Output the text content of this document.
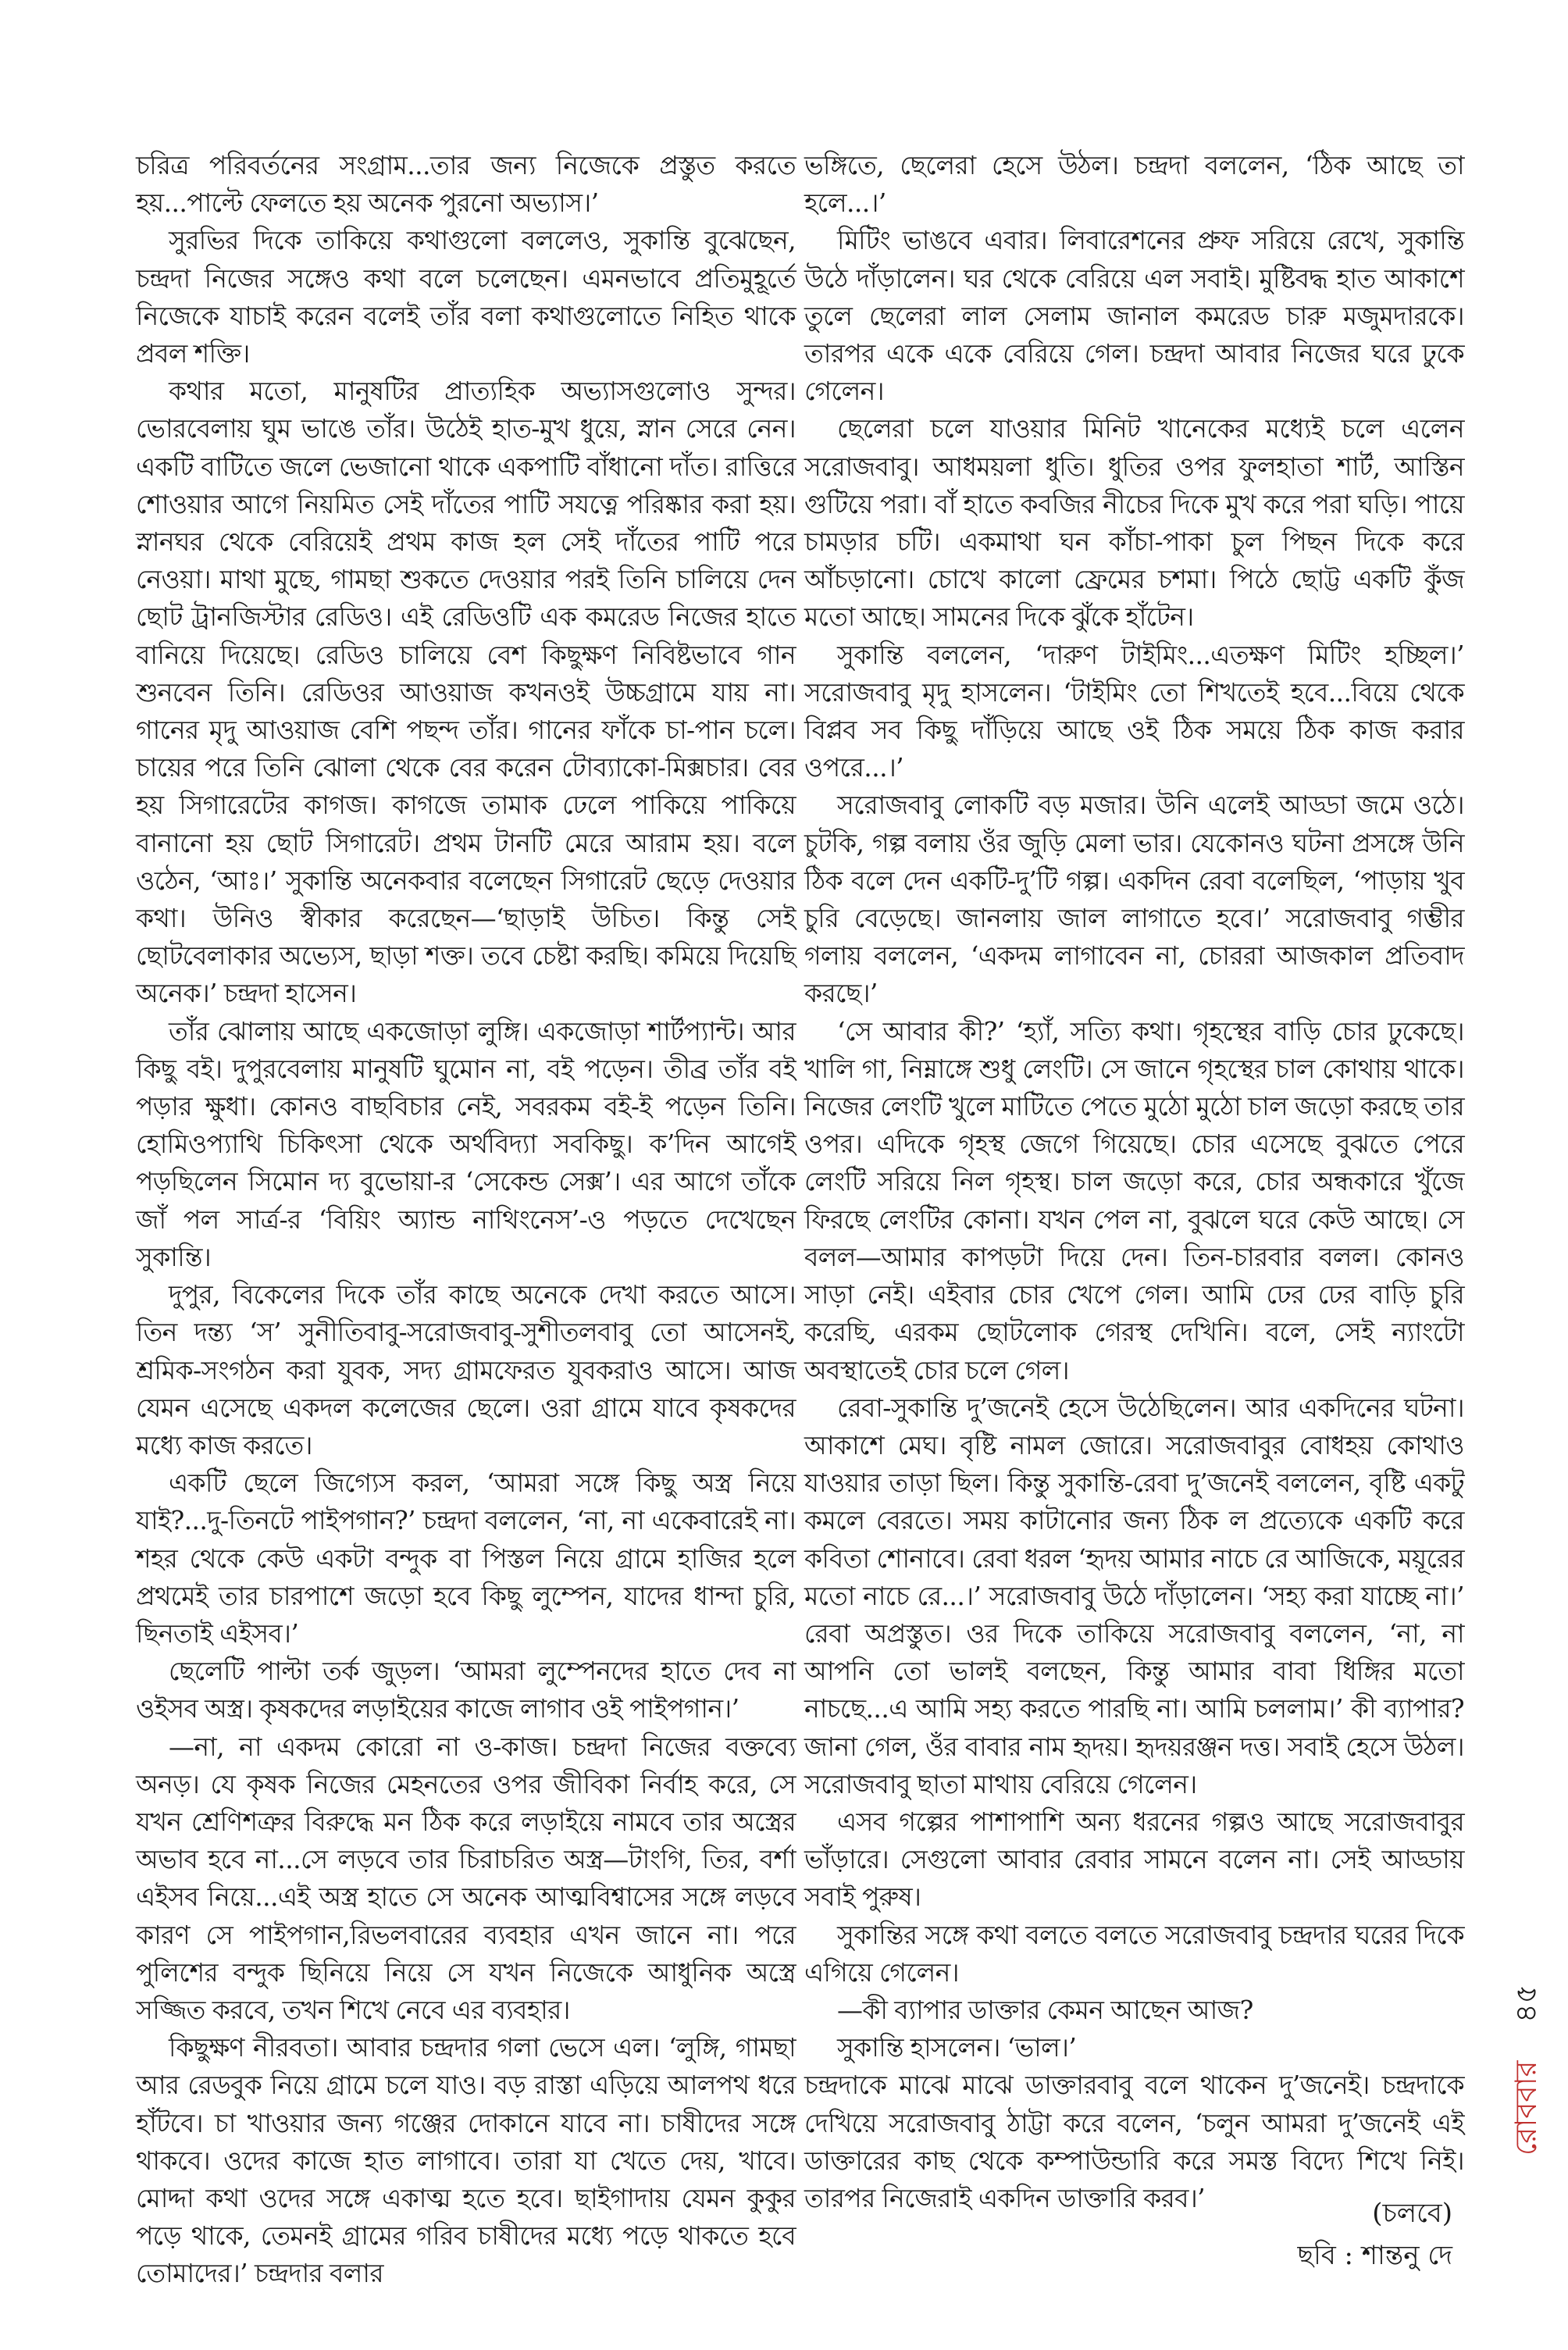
চরিত্র পরিবর্তনের সংগ্রাম...তার জন্য নিজেকে প্রস্তুত করতে হয়...পাল্টে ফেলতে হয় অনেক পুরনো অভ্যাস।’

সুরভির দিকে তাকিয়ে কথাগুলো বললেও, সুকান্তি বুঝেছেন, চন্দ্রদা নিজের সঙ্গেও কথা বলে চলেছেন। এমনভাবে প্রতিমুহূর্তে নিজেকে যাচাই করেন বলেই তাঁর বলা কথাগুলোতে নিহিত থাকে প্রবল শক্তি।

কথার মতো, মানুষটির প্রাত্যহিক অভ্যাসগুলোও সুন্দর। ভোরবেলায় ঘুম ভাঙে তাঁর। উঠেই হাত-মুখ ধুয়ে, স্নান সেরে নেন। একটি বাটিতে জলে ভেজানো থাকে একপাটি বাঁধানো দাঁত। রাত্তিরে শোওয়ার আগে নিয়মিত সেই দাঁতের পাটি সযত্নে পরিষ্কার করা হয়। স্নানঘর থেকে বেরিয়েই প্রথম কাজ হল সেই দাঁতের পাটি পরে নেওয়া। মাথা মুছে, গামছা শুকতে দেওয়ার পরই তিনি চালিয়ে দেন ছোট ট্রানজিস্টার রেডিও। এই রেডিওটি এক কমরেড নিজের হাতে বানিয়ে দিয়েছে। রেডিও চালিয়ে বেশ কিছুক্ষণ নিবিষ্টভাবে গান শুনবেন তিনি। রেডিওর আওয়াজ কখনওই উচ্চগ্রামে যায় না। গানের মৃদু আওয়াজ বেশি পছন্দ তাঁর। গানের ফাঁকে চা-পান চলে। চায়ের পরে তিনি ঝোলা থেকে বের করেন টোব্যাকো-মিক্সচার। বের হয় সিগারেটের কাগজ। কাগজে তামাক ঢেলে পাকিয়ে পাকিয়ে বানানো হয় ছোট সিগারেট। প্রথম টানটি মেরে আরাম হয়। বলে ওঠেন, ‘আঃ।’ সুকান্তি অনেকবার বলেছেন সিগারেট ছেড়ে দেওয়ার কথা। উনিও স্বীকার করেছেন—‘ছাড়াই উচিত। কিন্তু সেই ছোটবেলাকার অভ্যেস, ছাড়া শক্ত। তবে চেষ্টা করছি। কমিয়ে দিয়েছি অনেক।’ চন্দ্রদা হাসেন।

তাঁর ঝোলায় আছে একজোড়া লুঙ্গি। একজোড়া শার্টপ্যান্ট। আর কিছু বই। দুপুরবেলায় মানুষটি ঘুমোন না, বই পড়েন। তীব্র তাঁর বই পড়ার ক্ষুধা। কোনও বাছবিচার নেই, সবরকম বই-ই পড়েন তিনি। হোমিওপ্যাথি চিকিৎসা থেকে অর্থবিদ্যা সবকিছু। ক’দিন আগেই পড়ছিলেন সিমোন দ্য বুভোয়া-র ‘সেকেন্ড সেক্স’। এর আগে তাঁকে জাঁ পল সার্ত্র-র ‘বিয়িং অ্যান্ড নাথিংনেস’-ও পড়তে দেখেছেন সুকান্তি।

দুপুর, বিকেলের দিকে তাঁর কাছে অনেকে দেখা করতে আসে। তিন দন্ত্য ‘স’ সুনীতিবাবু-সরোজবাবু-সুশীতলবাবু তো আসেনই, শ্রমিক-সংগঠন করা যুবক, সদ্য গ্রামফেরত যুবকরাও আসে। আজ যেমন এসেছে একদল কলেজের ছেলে। ওরা গ্রামে যাবে কৃষকদের মধ্যে কাজ করতে।

একটি ছেলে জিগ্যেস করল, ‘আমরা সঙ্গে কিছু অস্ত্র নিয়ে যাই?...দু-তিনটে পাইপগান?’ চন্দ্রদা বললেন, ‘না, না একেবারেই না। শহর থেকে কেউ একটা বন্দুক বা পিস্তল নিয়ে গ্রামে হাজির হলে প্রথমেই তার চারপাশে জড়ো হবে কিছু লুম্পেন, যাদের ধান্দা চুরি, ছিনতাই এইসব।’

ছেলেটি পাল্টা তর্ক জুড়ল। ‘আমরা লুম্পেনদের হাতে দেব না ওইসব অস্ত্র। কৃষকদের লড়াইয়ের কাজে লাগাব ওই পাইপগান।’

—না, না একদম কোরো না ও-কাজ। চন্দ্রদা নিজের বক্তব্যে অনড়। যে কৃষক নিজের মেহনতের ওপর জীবিকা নির্বাহ করে, সে যখন শ্রেণিশত্রুর বিরুদ্ধে মন ঠিক করে লড়াইয়ে নামবে তার অস্ত্রের অভাব হবে না...সে লড়বে তার চিরাচরিত অস্ত্র—টাংগি, তির, বর্শা এইসব নিয়ে...এই অস্ত্র হাতে সে অনেক আত্মবিশ্বাসের সঙ্গে লড়বে কারণ সে পাইপগান,রিভলবারের ব্যবহার এখন জানে না। পরে পুলিশের বন্দুক ছিনিয়ে নিয়ে সে যখন নিজেকে আধুনিক অস্ত্রে সজ্জিত করবে, তখন শিখে নেবে এর ব্যবহার।

কিছুক্ষণ নীরবতা। আবার চন্দ্রদার গলা ভেসে এল। ‘লুঙ্গি, গামছা আর রেডবুক নিয়ে গ্রামে চলে যাও। বড় রাস্তা এড়িয়ে আলপথ ধরে হাঁটবে। চা খাওয়ার জন্য গঞ্জের দোকানে যাবে না। চাষীদের সঙ্গে থাকবে। ওদের কাজে হাত লাগাবে। তারা যা খেতে দেয়, খাবে। মোদ্দা কথা ওদের সঙ্গে একাত্ম হতে হবে। ছাইগাদায় যেমন কুকুর পড়ে থাকে, তেমনই গ্রামের গরিব চাষীদের মধ্যে পড়ে থাকতে হবে তোমাদের।’ চন্দ্রদার বলার

ভঙ্গিতে, ছেলেরা হেসে উঠল। চন্দ্রদা বললেন, ‘ঠিক আছে তা হলে...।’

মিটিং ভাঙবে এবার। লিবারেশনের প্রুফ সরিয়ে রেখে, সুকান্তি উঠে দাঁড়ালেন। ঘর থেকে বেরিয়ে এল সবাই। মুষ্টিবদ্ধ হাত আকাশে তুলে ছেলেরা লাল সেলাম জানাল কমরেড চারু মজুমদারকে। তারপর একে একে বেরিয়ে গেল। চন্দ্রদা আবার নিজের ঘরে ঢুকে গেলেন।

ছেলেরা চলে যাওয়ার মিনিট খানেকের মধ্যেই চলে এলেন সরোজবাবু। আধময়লা ধুতি। ধুতির ওপর ফুলহাতা শার্ট, আস্তিন গুটিয়ে পরা। বাঁ হাতে কবজির নীচের দিকে মুখ করে পরা ঘড়ি। পায়ে চামড়ার চটি। একমাথা ঘন কাঁচা-পাকা চুল পিছন দিকে করে আঁচড়ানো। চোখে কালো ফ্রেমের চশমা। পিঠে ছোট্ট একটি কুঁজ মতো আছে। সামনের দিকে ঝুঁকে হাঁটেন।

সুকান্তি বললেন, ‘দারুণ টাইমিং...এতক্ষণ মিটিং হচ্ছিল।’ সরোজবাবু মৃদু হাসলেন। ‘টাইমিং তো শিখতেই হবে...বিয়ে থেকে বিপ্লব সব কিছু দাঁড়িয়ে আছে ওই ঠিক সময়ে ঠিক কাজ করার ওপরে...।’

সরোজবাবু লোকটি বড় মজার। উনি এলেই আড্ডা জমে ওঠে। চুটকি, গল্প বলায় ওঁর জুড়ি মেলা ভার। যেকোনও ঘটনা প্রসঙ্গে উনি ঠিক বলে দেন একটি-দু’টি গল্প। একদিন রেবা বলেছিল, ‘পাড়ায় খুব চুরি বেড়েছে। জানলায় জাল লাগাতে হবে।’ সরোজবাবু গম্ভীর গলায় বললেন, ‘একদম লাগাবেন না, চোররা আজকাল প্রতিবাদ করছে।’

‘সে আবার কী?’ ‘হ্যাঁ, সত্যি কথা। গৃহস্থের বাড়ি চোর ঢুকেছে। খালি গা, নিম্নাঙ্গে শুধু লেংটি। সে জানে গৃহস্থের চাল কোথায় থাকে। নিজের লেংটি খুলে মাটিতে পেতে মুঠো মুঠো চাল জড়ো করছে তার ওপর। এদিকে গৃহস্থ জেগে গিয়েছে। চোর এসেছে বুঝতে পেরে লেংটি সরিয়ে নিল গৃহস্থ। চাল জড়ো করে, চোর অন্ধকারে খুঁজে ফিরছে লেংটির কোনা। যখন পেল না, বুঝলে ঘরে কেউ আছে। সে বলল—আমার কাপড়টা দিয়ে দেন। তিন-চারবার বলল। কোনও সাড়া নেই। এইবার চোর খেপে গেল। আমি ঢের ঢের বাড়ি চুরি করেছি, এরকম ছোটলোক গেরস্থ দেখিনি। বলে, সেই ন্যাংটো অবস্থাতেই চোর চলে গেল।

রেবা-সুকান্তি দু’জনেই হেসে উঠেছিলেন। আর একদিনের ঘটনা। আকাশে মেঘ। বৃষ্টি নামল জোরে। সরোজবাবুর বোধহয় কোথাও যাওয়ার তাড়া ছিল। কিন্তু সুকান্তি-রেবা দু’জনেই বললেন, বৃষ্টি একটু কমলে বেরতে। সময় কাটানোর জন্য ঠিক ল প্রত্যেকে একটি করে কবিতা শোনাবে। রেবা ধরল ‘হৃদয় আমার নাচে রে আজিকে, ময়ূরের মতো নাচে রে...।’ সরোজবাবু উঠে দাঁড়ালেন। ‘সহ্য করা যাচ্ছে না।’ রেবা অপ্রস্তুত। ওর দিকে তাকিয়ে সরোজবাবু বললেন, ‘না, না আপনি তো ভালই বলছেন, কিন্তু আমার বাবা ধিঙ্গির মতো নাচছে...এ আমি সহ্য করতে পারছি না। আমি চললাম।’ কী ব্যাপার? জানা গেল, ওঁর বাবার নাম হৃদয়। হৃদয়রঞ্জন দত্ত। সবাই হেসে উঠল। সরোজবাবু ছাতা মাথায় বেরিয়ে গেলেন।

এসব গল্পের পাশাপাশি অন্য ধরনের গল্পও আছে সরোজবাবুর ভাঁড়ারে। সেগুলো আবার রেবার সামনে বলেন না। সেই আড্ডায় সবাই পুরুষ।

সুকান্তির সঙ্গে কথা বলতে বলতে সরোজবাবু চন্দ্রদার ঘরের দিকে এগিয়ে গেলেন।

—কী ব্যাপার ডাক্তার কেমন আছেন আজ?

সুকান্তি হাসলেন। ‘ভাল।’

চন্দ্রদাকে মাঝে মাঝে ডাক্তারবাবু বলে থাকেন দু’জনেই। চন্দ্রদাকে দেখিয়ে সরোজবাবু ঠাট্টা করে বলেন, ‘চলুন আমরা দু’জনেই এই ডাক্তারের কাছ থেকে কম্পাউন্ডারি করে সমস্ত বিদ্যে শিখে নিই। তারপর নিজেরাই একদিন ডাক্তারি করব।’	(চলবে)
ছবি : শান্তনু দে
৪৫
রোববার
